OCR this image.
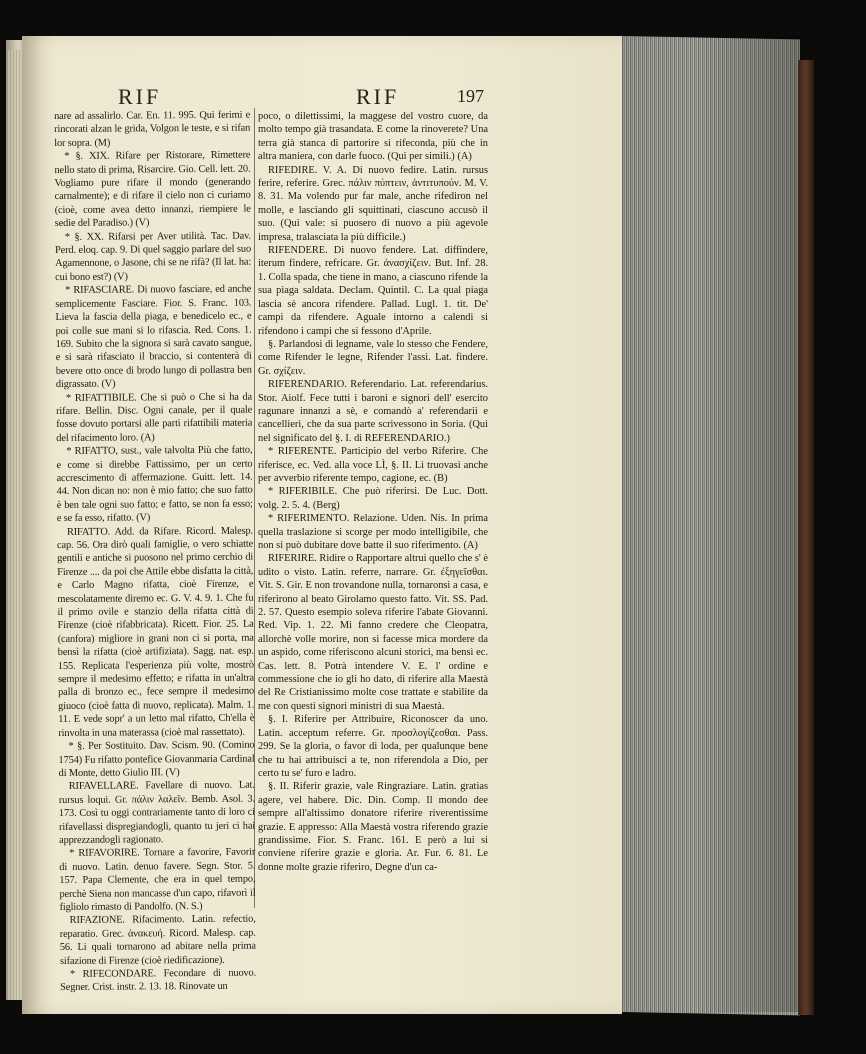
RIF	RIF	197

nare ad assalirlo. Car. En. 11. 995. Qui ferimi e rincorati alzan le grida, Volgon le teste, e si rifan lor sopra. (M)

* §. XIX. Rifare per Ristorare, Rimettere nello stato di prima, Risarcire. Gio. Cell. lett. 20. Vogliamo pure rifare il mondo (generando carnalmente); e di rifare il cielo non ci curiamo (cioè, come avea detto innanzi, riempiere le sedie del Paradiso.) (V)

* §. XX. Rifarsi per Aver utilità. Tac. Dav. Perd. eloq. cap. 9. Di quel saggio parlare del suo Agamennone, o Jasone, chi se ne rifà? (Il lat. ha: cui bono est?) (V)

* RIFASCIARE. Di nuovo fasciare, ed anche semplicemente Fasciare. Fior. S. Franc. 103. Lieva la fascia della piaga, e benedicelo ec., e poi colle sue mani si lo rifascia. Red. Cons. 1. 169. Subito che la signora si sarà cavato sangue, e si sarà rifasciato il braccio, si contenterà di bevere otto once di brodo lungo di pollastra ben digrassato. (V)

* RIFATTIBILE. Che si può o Che si ha da rifare. Bellin. Disc. Ogni canale, per il quale fosse dovuto portarsi alle parti rifattibili materia del rifacimento loro. (A)

* RIFATTO, sust., vale talvolta Più che fatto, e come si direbbe Fattissimo, per un certo accrescimento di affermazione. Guitt. lett. 14. 44. Non dican no: non è mio fatto; che suo fatto è ben tale ogni suo fatto; e fatto, se non fa esso; e se fa esso, rifatto. (V)

RIFATTO. Add. da Rifare. Ricord. Malesp. cap. 56. Ora dirò quali famiglie, o vero schiatte gentili e antiche si puosono nel primo cerchio di Firenze .... da poi che Attile ebbe disfatta la città, e Carlo Magno rifatta, cioè Firenze, e mescolatamente diremo ec. G. V. 4. 9. 1. Che fu il primo ovile e stanzio della rifatta città di Firenze (cioè rifabbricata). Ricett. Fior. 25. La (canfora) migliore in grani non ci si porta, ma bensì la rifatta (cioè artifiziata). Sagg. nat. esp. 155. Replicata l'esperienza più volte, mostrò sempre il medesimo effetto; e rifatta in un'altra palla di bronzo ec., fece sempre il medesimo giuoco (cioè fatta di nuovo, replicata). Malm. 1. 11. E vede sopr' a un letto mal rifatto, Ch'ella è rinvolta in una materassa (cioè mal rassettato).

* §. Per Sostituito. Dav. Scism. 90. (Comino 1754) Fu rifatto pontefice Giovanmaria Cardinal di Monte, detto Giulio III. (V)

RIFAVELLARE. Favellare di nuovo. Lat. rursus loqui. Gr. πάλιν λαλεῖν. Bemb. Asol. 3. 173. Così tu oggi contrariamente tanto di loro ci rifavellassi dispregiandogli, quanto tu jeri ci hai apprezzandogli ragionato.

* RIFAVORIRE. Tornare a favorire, Favorir di nuovo. Latin. denuo favere. Segn. Stor. 5. 157. Papa Clemente, che era in quel tempo, perchè Siena non mancasse d'un capo, rifavorì il figliolo rimasto di Pandolfo. (N. S.)

RIFAZIONE. Rifacimento. Latin. refectio, reparatio. Grec. ἀνακευή. Ricord. Malesp. cap. 56. Li quali tornarono ad abitare nella prima sifazione di Firenze (cioè riedificazione).

* RIFECONDARE. Fecondare di nuovo. Segner. Crist. instr. 2. 13. 18. Rinovate un

poco, o dilettissimi, la maggese del vostro cuore, da molto tempo già trasandata. E come la rinoverete? Una terra già stanca di partorire si rifeconda, più che in altra maniera, con darle fuoco. (Qui per simili.) (A)

RIFEDIRE. V. A. Di nuovo fedire. Latin. rursus ferire, referire. Grec. πάλιν πύπτειν, ἀντιτυπούν. M. V. 8. 31. Ma volendo pur far male, anche rifediron nel molle, e lasciando gli squittinati, ciascuno accusò il suo. (Qui vale: si puosero di nuovo a più agevole impresa, tralasciata la più difficile.)

RIFENDERE. Di nuovo fendere. Lat. diffindere, iterum findere, refricare. Gr. ἀνασχίζειν. But. Inf. 28. 1. Colla spada, che tiene in mano, a ciascuno rifende la sua piaga saldata. Declam. Quintil. C. La qual piaga lascia sè ancora rifendere. Pallad. Lugl. 1. tit. De' campi da rifendere. Aguale intorno a calendi si rifendono i campi che si fessono d'Aprile.

§. Parlandosi di legname, vale lo stesso che Fendere, come Rifender le legne, Rifender l'assi. Lat. findere. Gr. σχίζειν.

RIFERENDARIO. Referendario. Lat. referendarius. Stor. Aiolf. Fece tutti i baroni e signori dell' esercito ragunare innanzi a sè, e comandò a' referendarii e cancellieri, che da sua parte scrivessono in Soria. (Qui nel significato del §. I. di REFERENDARIO.)

* RIFERENTE. Participio del verbo Riferire. Che riferisce, ec. Ved. alla voce LÌ, §. II. Lì truovasi anche per avverbio riferente tempo, cagione, ec. (B)

* RIFERIBILE. Che può riferirsi. De Luc. Dott. volg. 2. 5. 4. (Berg)

* RIFERIMENTO. Relazione. Uden. Nis. In prima quella traslazione si scorge per modo intelligibile, che non si può dubitare dove batte il suo riferimento. (A)

RIFERIRE. Ridire o Rapportare altrui quello che s' è udito o visto. Latin. referre, narrare. Gr. ἐξηγεῖσθαι. Vit. S. Gir. E non trovandone nulla, tornaronsi a casa, e riferirono al beato Girolamo questo fatto. Vit. SS. Pad. 2. 57. Questo esempio soleva riferire l'abate Giovanni. Red. Vip. 1. 22. Mi fanno credere che Cleopatra, allorchè volle morire, non si facesse mica mordere da un aspido, come riferiscono alcuni storici, ma bensì ec. Cas. lett. 8. Potrà intendere V. E. l' ordine e commessione che io gli ho dato, di riferire alla Maestà del Re Cristianissimo molte cose trattate e stabilite da me con questi signori ministri di sua Maestà.

§. I. Riferire per Attribuire, Riconoscer da uno. Latin. acceptum referre. Gr. προσλογίζεσθαι. Pass. 299. Se la gloria, o favor di loda, per qualunque bene che tu hai attribuisci a te, non riferendola a Dio, per certo tu se' furo e ladro.

§. II. Riferir grazie, vale Ringraziare. Latin. gratias agere, vel habere. Dic. Din. Comp. Il mondo dee sempre all'altissimo donatore riferire riverentissime grazie. E appresso: Alla Maestà vostra riferendo grazie grandissime. Fior. S. Franc. 161. E però a lui si conviene riferire grazie e gloria. Ar. Fur. 6. 81. Le donne molte grazie riferiro, Degne d'un ca-
